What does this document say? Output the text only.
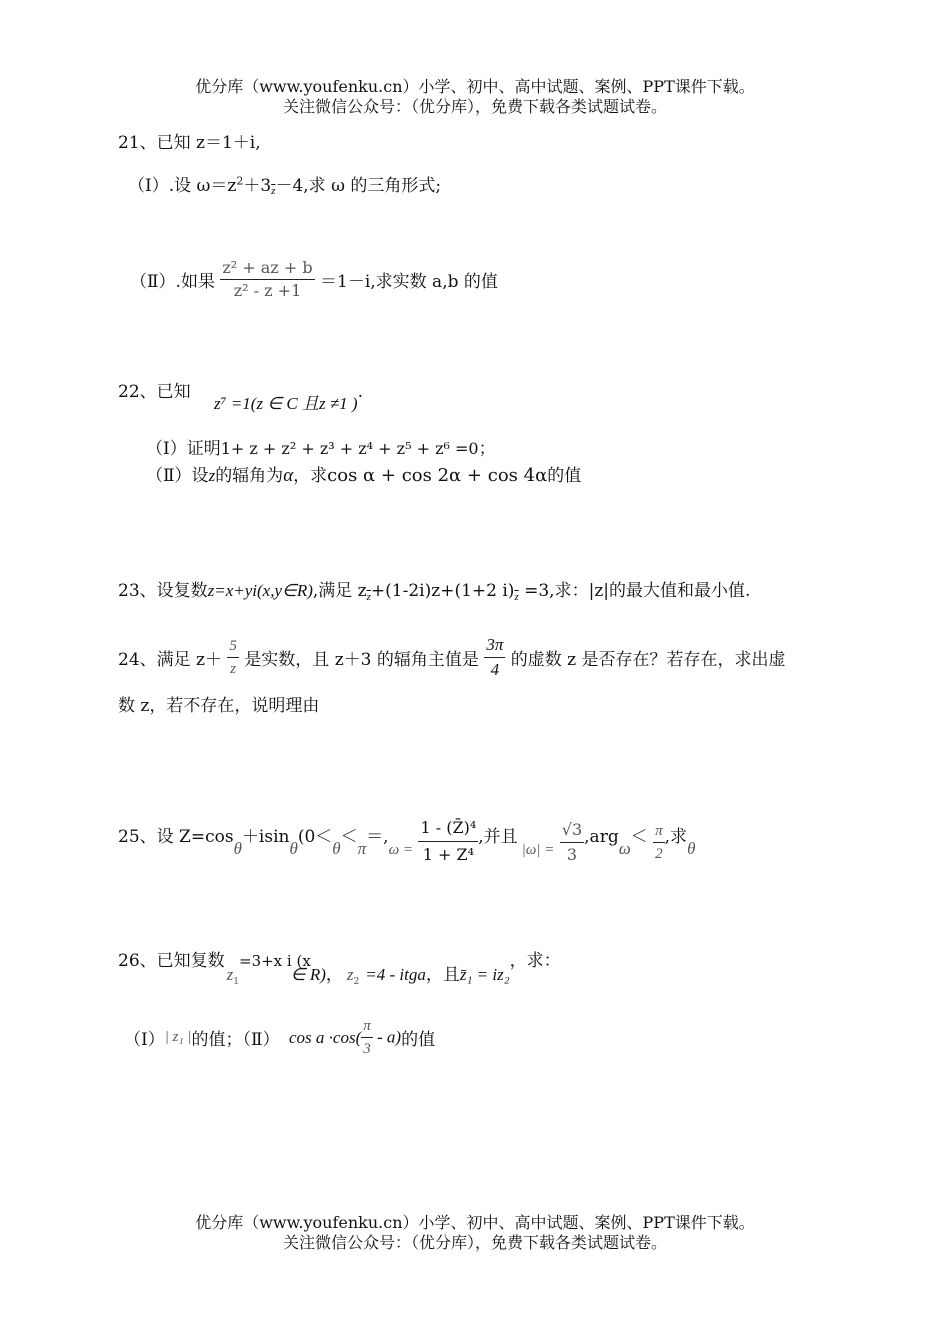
优分库（www.youfenku.cn）小学、初中、高中试题、案例、PPT课件下载。
关注微信公众号：（优分库），免费下载各类试题试卷。
21、已知 z＝1＋i,
（Ⅰ）.设 $\omega=z^2+3\overline{z}-4$,求 ω 的三角形式;
（Ⅱ）.如果 $\frac{\text{z² + az + b}}{\text{z² - z +1}} =1-i$,求实数 a,b 的值
22、已知 z⁷ =1(z ∈ C 且z ≠1 ).
（Ⅰ）证明1+ z + z² + z³ + z⁴ + z⁵ + z⁶ =0；
（Ⅱ）设z的辐角为α，求cos α + cos 2α + cos 4α的值
23、设复数z=x+yi(x,y∈R),满足 $z_{\overline{z}}+(1-2i)z+(1+2$ $i)_{\overline{z}} =3$,求：|z|的最大值和最小值.
24、满足 $z+ \frac{5}{z}$ 是实数，且 z＋3 的辐角主值是 $\frac{3\pi}{4}$ 的虚数 z 是否存在？若存在，求出虚
数 z，若不存在，说明理由
25、设 $Z=\cos\theta+isin\theta(0<\theta<\pi=,\omega = \frac{\text{1 - (Z̄)⁴}}{\text{1 + Z⁴}}$ ,并且$|\omega| = \frac{√3}{3} ,arg\omega< \frac{\pi}{2}$ ,求θ
26、已知复数$z_1=3+x$ i (x∈ R)， $z_2 =4$ - itga，且z̄₁ = iz₂，求：
（Ⅰ）| z₁ |的值；（Ⅱ） $\cos a \cdot\cos( \frac{\pi}{3} - a)$的值
优分库（www.youfenku.cn）小学、初中、高中试题、案例、PPT课件下载。
关注微信公众号：（优分库），免费下载各类试题试卷。
